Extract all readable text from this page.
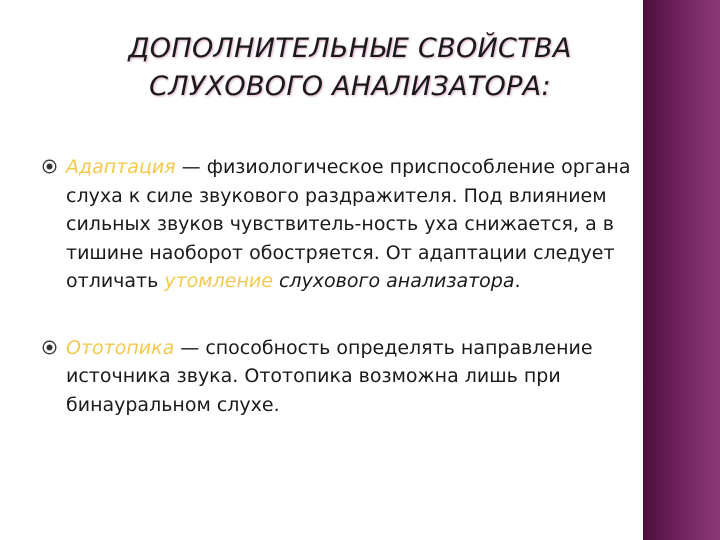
ДОПОЛНИТЕЛЬНЫЕ СВОЙСТВА
СЛУХОВОГО АНАЛИЗАТОРА:
Адаптация — физиологическое приспособление органа слуха к силе звукового раздражителя. Под влиянием сильных звуков чувствитель-ность уха снижается, а в тишине наоборот обостряется. От адаптации следует отличать утомление слухового анализатора.
Ототопика — способность определять направление источника звука. Ототопика возможна лишь при бинауральном слухе.
